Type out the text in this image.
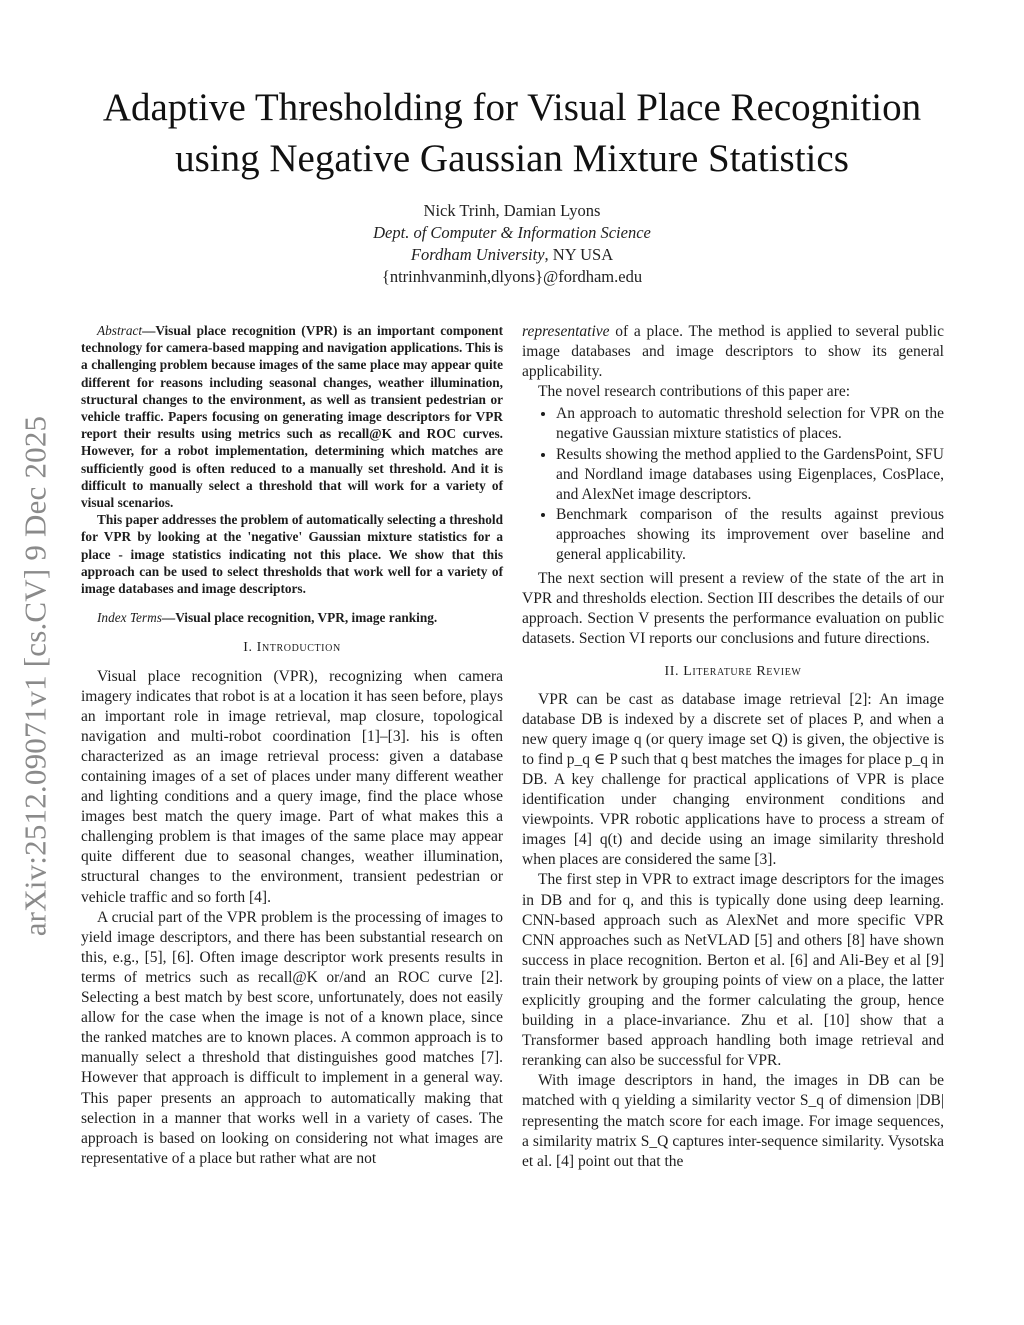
arXiv:2512.09071v1 [cs.CV] 9 Dec 2025
Adaptive Thresholding for Visual Place Recognition
using Negative Gaussian Mixture Statistics
Nick Trinh, Damian Lyons
Dept. of Computer & Information Science
Fordham University, NY USA
{ntrinhvanminh,dlyons}@fordham.edu

Abstract—Visual place recognition (VPR) is an important component technology for camera-based mapping and navigation applications. This is a challenging problem because images of the same place may appear quite different for reasons including seasonal changes, weather illumination, structural changes to the environment, as well as transient pedestrian or vehicle traffic. Papers focusing on generating image descriptors for VPR report their results using metrics such as recall@K and ROC curves. However, for a robot implementation, determining which matches are sufficiently good is often reduced to a manually set threshold. And it is difficult to manually select a threshold that will work for a variety of visual scenarios.

This paper addresses the problem of automatically selecting a threshold for VPR by looking at the 'negative' Gaussian mixture statistics for a place - image statistics indicating not this place. We show that this approach can be used to select thresholds that work well for a variety of image databases and image descriptors.

Index Terms—Visual place recognition, VPR, image ranking.

I. Introduction

Visual place recognition (VPR), recognizing when camera imagery indicates that robot is at a location it has seen before, plays an important role in image retrieval, map closure, topological navigation and multi-robot coordination [1]–[3]. his is often characterized as an image retrieval process: given a database containing images of a set of places under many different weather and lighting conditions and a query image, find the place whose images best match the query image. Part of what makes this a challenging problem is that images of the same place may appear quite different due to seasonal changes, weather illumination, structural changes to the environment, transient pedestrian or vehicle traffic and so forth [4].

A crucial part of the VPR problem is the processing of images to yield image descriptors, and there has been substantial research on this, e.g., [5], [6]. Often image descriptor work presents results in terms of metrics such as recall@K or/and an ROC curve [2]. Selecting a best match by best score, unfortunately, does not easily allow for the case when the image is not of a known place, since the ranked matches are to known places. A common approach is to manually select a threshold that distinguishes good matches [7]. However that approach is difficult to implement in a general way. This paper presents an approach to automatically making that selection in a manner that works well in a variety of cases. The approach is based on looking on considering not what images are representative of a place but rather what are not

representative of a place. The method is applied to several public image databases and image descriptors to show its general applicability.

The novel research contributions of this paper are:

• An approach to automatic threshold selection for VPR on the negative Gaussian mixture statistics of places.
• Results showing the method applied to the GardensPoint, SFU and Nordland image databases using Eigenplaces, CosPlace, and AlexNet image descriptors.
• Benchmark comparison of the results against previous approaches showing its improvement over baseline and general applicability.

The next section will present a review of the state of the art in VPR and thresholds election. Section III describes the details of our approach. Section V presents the performance evaluation on public datasets. Section VI reports our conclusions and future directions.

II. Literature Review

VPR can be cast as database image retrieval [2]: An image database DB is indexed by a discrete set of places P, and when a new query image q (or query image set Q) is given, the objective is to find p_q ∈ P such that q best matches the images for place p_q in DB. A key challenge for practical applications of VPR is place identification under changing environment conditions and viewpoints. VPR robotic applications have to process a stream of images [4] q(t) and decide using an image similarity threshold when places are considered the same [3].

The first step in VPR to extract image descriptors for the images in DB and for q, and this is typically done using deep learning. CNN-based approach such as AlexNet and more specific VPR CNN approaches such as NetVLAD [5] and others [8] have shown success in place recognition. Berton et al. [6] and Ali-Bey et al [9] train their network by grouping points of view on a place, the latter explicitly grouping and the former calculating the group, hence building in a place-invariance. Zhu et al. [10] show that a Transformer based approach handling both image retrieval and reranking can also be successful for VPR.

With image descriptors in hand, the images in DB can be matched with q yielding a similarity vector S_q of dimension |DB| representing the match score for each image. For image sequences, a similarity matrix S_Q captures inter-sequence similarity. Vysotska et al. [4] point out that the
